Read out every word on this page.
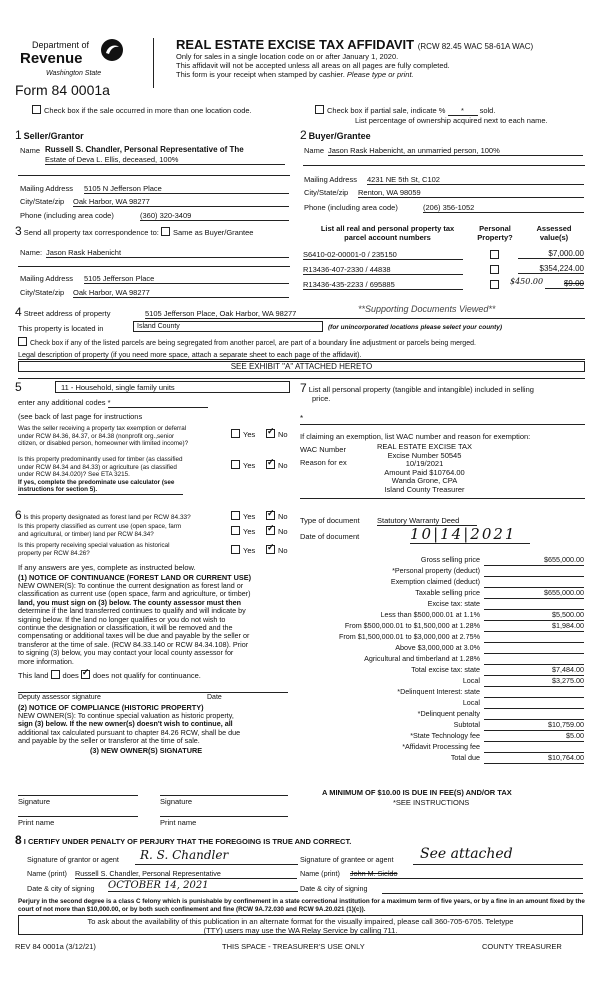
Department of
Revenue
Washington State
Form 84 0001a
REAL ESTATE EXCISE TAX AFFIDAVIT (RCW 82.45 WAC 58-61A WAC)
Only for sales in a single location code on or after January 1, 2020.
This affidavit will not be accepted unless all areas on all pages are fully completed.
This form is your receipt when stamped by cashier. Please type or print.
Check box if the sale occurred in more than one location code.	Check box if partial sale, indicate % * sold.
List percentage of ownership acquired next to each name.
1 Seller/Grantor
Name Russell S. Chandler, Personal Representative of The
Estate of Deva L. Ellis, deceased, 100%
Mailing Address 5105 N Jefferson Place
City/State/zip Oak Harbor, WA 98277
Phone (including area code)	(360) 320-3409
2 Buyer/Grantee
Name Jason Rask Habenicht, an unmarried person, 100%
Mailing Address 4231 NE 5th St, C102
City/State/zip Renton, WA 98059
Phone (including area code)	(206) 356-1052
3 Send all property tax correspondence to: Same as Buyer/Grantee
Name: Jason Rask Habenicht
Mailing Address 5105 Jefferson Place
City/State/zip Oak Harbor, WA 98277
List all real and personal property tax
parcel account numbers
Personal
Property?
Assessed
value(s)
S6410-02-00001-0 / 235150	$7,000.00
R13436-407-2330 / 44838	$354,224.00
R13436-435-2233 / 695885	$450.00	$9.00
4 Street address of property	5105 Jefferson Place, Oak Harbor, WA 98277	**Supporting Documents Viewed**
This property is located in	Island County	(for unincorporated locations please select your county)
Check box if any of the listed parcels are being segregated from another parcel, are part of a boundary line adjustment or parcels being merged.
Legal description of property (if you need more space, attach a separate sheet to each page of the affidavit).
SEE EXHIBIT "A" ATTACHED HERETO
5	11 - Household, single family units
enter any additional codes *
(see back of last page for instructions
Was the seller receiving a property tax exemption or deferral
under RCW 84.36, 84.37, or 84.38 (nonprofit org.,senior
citizen, or disabled person, homeowner with limited income)?
Yes ✓	No
Is this property predominantly used for timber (as classified
under RCW 84.34 and 84.33) or agriculture (as classified
under RCW 84.34.020)? See ETA 3215.
If yes, complete the predominate use calculator (see
instructions for section 5).
Yes ✓	No
6 Is this property designated as forest land per RCW 84.33?	Yes ✓	No
Is this property classified as current use (open space, farm
and agricultural, or timber) land per RCW 84.34?	Yes ✓	No
Is this property receiving special valuation as historical
property per RCW 84.26?	Yes ✓	No
If any answers are yes, complete as instructed below.
(1) NOTICE OF CONTINUANCE (FOREST LAND OR CURRENT USE)
NEW OWNER(S): To continue the current designation as forest land or
classification as current use (open space, farm and agriculture, or timber)
land, you must sign on (3) below. The county assessor must then
determine if the land transferred continues to qualify and will indicate by
signing below. If the land no longer qualifies or you do not wish to
continue the designation or classification, it will be removed and the
compensating or additional taxes will be due and payable by the seller or
transferor at the time of sale. (RCW 84.33.140 or RCW 84.34.108). Prior
to signing (3) below, you may contact your local county assessor for
more information.
This land does ✓ does not qualify for continuance.
Deputy assessor signature	Date
(2) NOTICE OF COMPLIANCE (HISTORIC PROPERTY)
NEW OWNER(S): To continue special valuation as historic property,
sign (3) below. If the new owner(s) doesn't wish to continue, all
additional tax calculated pursuant to chapter 84.26 RCW, shall be due
and payable by the seller or transferor at the time of sale.
(3) NEW OWNER(S) SIGNATURE
Signature	Signature
Print name	Print name
7 List all personal property (tangible and intangible) included in selling
price.
*
If claiming an exemption, list WAC number and reason for exemption:
WAC Number
Reason for ex
REAL ESTATE EXCISE TAX
Excise Number 50545
10/19/2021
Amount Paid $10764.00
Wanda Grone, CPA
Island County Treasurer
Type of document Statutory Warranty Deed
Date of document	10|14|2021
Gross selling price	$655,000.00
*Personal property (deduct)
Exemption claimed (deduct)
Taxable selling price	$655,000.00
Excise tax: state
Less than $500,000.01 at 1.1%	$5,500.00
From $500,000.01 to $1,500,000 at 1.28%	$1,984.00
From $1,500,000.01 to $3,000,000 at 2.75%
Above $3,000,000 at 3.0%
Agricultural and timberland at 1.28%
Total excise tax: state	$7,484.00
Local	$3,275.00
*Delinquent Interest: state
Local
*Delinquent penalty
Subtotal	$10,759.00
*State Technology fee	$5.00
*Affidavit Processing fee
Total due	$10,764.00
A MINIMUM OF $10.00 IS DUE IN FEE(S) AND/OR TAX
*SEE INSTRUCTIONS
8 I CERTIFY UNDER PENALTY OF PERJURY THAT THE FOREGOING IS TRUE AND CORRECT.
Signature of grantor or agent R. S. Chandler	Signature of grantee or agent See attached
Name (print) Russell S. Chandler, Personal Representative	Name (print) John M. Sieldo
Date & city of signing OCTOBER 14, 2021	Date & city of signing
Perjury in the second degree is a class C felony which is punishable by confinement in a state correctional institution for a maximum term of five years, or by a fine in an amount fixed by the court of not more than $10,000.00, or by both such confinement and fine (RCW 9A.72.030 and RCW 9A.20.021 (1)(c)).
To ask about the availability of this publication in an alternate format for the visually impaired, please call 360-705-6705. Teletype
(TTY) users may use the WA Relay Service by calling 711.
REV 84 0001a (3/12/21)	THIS SPACE - TREASURER'S USE ONLY	COUNTY TREASURER
